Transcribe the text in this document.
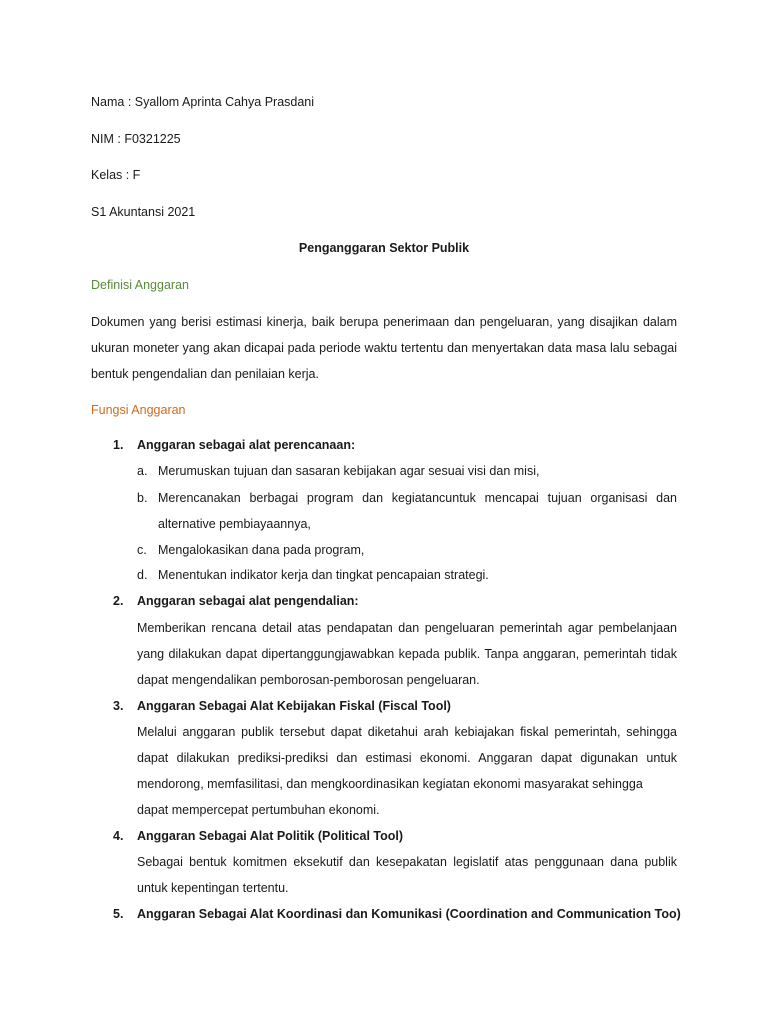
Nama : Syallom Aprinta Cahya Prasdani
NIM : F0321225
Kelas : F
S1 Akuntansi 2021
Penganggaran Sektor Publik
Definisi Anggaran
Dokumen yang berisi estimasi kinerja, baik berupa penerimaan dan pengeluaran, yang disajikan dalam
ukuran moneter yang akan dicapai pada periode waktu tertentu dan menyertakan data masa lalu sebagai
bentuk pengendalian dan penilaian kerja.
Fungsi Anggaran
1. Anggaran sebagai alat perencanaan:
a. Merumuskan tujuan dan sasaran kebijakan agar sesuai visi dan misi,
b. Merencanakan berbagai program dan kegiatancuntuk mencapai tujuan organisasi dan
alternative pembiayaannya,
c. Mengalokasikan dana pada program,
d. Menentukan indikator kerja dan tingkat pencapaian strategi.
2. Anggaran sebagai alat pengendalian:
Memberikan rencana detail atas pendapatan dan pengeluaran pemerintah agar pembelanjaan
yang dilakukan dapat dipertanggungjawabkan kepada publik. Tanpa anggaran, pemerintah tidak
dapat mengendalikan pemborosan-pemborosan pengeluaran.
3. Anggaran Sebagai Alat Kebijakan Fiskal (Fiscal Tool)
Melalui anggaran publik tersebut dapat diketahui arah kebiajakan fiskal pemerintah, sehingga
dapat dilakukan prediksi-prediksi dan estimasi ekonomi. Anggaran dapat digunakan untuk
mendorong, memfasilitasi, dan mengkoordinasikan kegiatan ekonomi masyarakat sehingga
dapat mempercepat pertumbuhan ekonomi.
4. Anggaran Sebagai Alat Politik (Political Tool)
Sebagai bentuk komitmen eksekutif dan kesepakatan legislatif atas penggunaan dana publik
untuk kepentingan tertentu.
5. Anggaran Sebagai Alat Koordinasi dan Komunikasi (Coordination and Communication Too)
